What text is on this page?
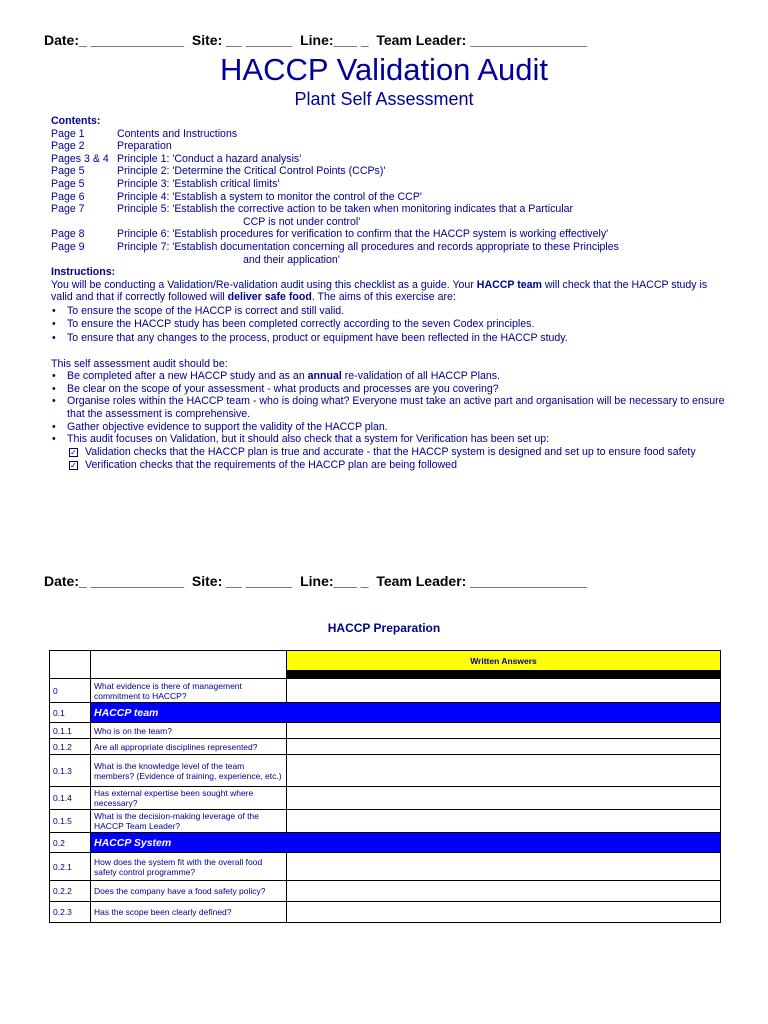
Date:_ ____________  Site: __ ______  Line:___ _  Team Leader: _______________
HACCP Validation Audit
Plant Self Assessment
Contents:
Page 1	Contents and Instructions
Page 2	Preparation
Pages 3 & 4 Principle 1: 'Conduct a hazard analysis'
Page 5	Principle 2: 'Determine the Critical Control Points (CCPs)'
Page 5	Principle 3: 'Establish critical limits'
Page 6	Principle 4: 'Establish a system to monitor the control of the CCP'
Page 7	Principle 5: 'Establish the corrective action to be taken when monitoring indicates that a Particular
CCP is not under control'
Page 8	Principle 6: 'Establish procedures for verification to confirm that the HACCP system is working effectively'
Page 9	Principle 7: 'Establish documentation concerning all procedures and records appropriate to these Principles
and their application'
Instructions:
You will be conducting a Validation/Re-validation audit using this checklist as a guide. Your HACCP team will check that the HACCP study is valid and that if correctly followed will deliver safe food. The aims of this exercise are:
• To ensure the scope of the HACCP is correct and still valid.
• To ensure the HACCP study has been completed correctly according to the seven Codex principles.
• To ensure that any changes to the process, product or equipment have been reflected in the HACCP study.
This self assessment audit should be:
• Be completed after a new HACCP study and as an annual re-validation of all HACCP Plans.
• Be clear on the scope of your assessment - what products and processes are you covering?
• Organise roles within the HACCP team - who is doing what? Everyone must take an active part and organisation will be necessary to ensure that the assessment is comprehensive.
• Gather objective evidence to support the validity of the HACCP plan.
• This audit focuses on Validation, but it should also check that a system for Verification has been set up:
✓ Validation checks that the HACCP plan is true and accurate - that the HACCP system is designed and set up to ensure food safety
✓ Verification checks that the requirements of the HACCP plan are being followed
Date:_ ____________  Site: __ ______  Line:___ _  Team Leader: _______________
HACCP Preparation
		Written Answers

0	What evidence is there of management commitment to HACCP?	
0.1	HACCP team	
0.1.1	Who is on the team?	
0.1.2	Are all appropriate disciplines represented?	
0.1.3	What is the knowledge level of the team members? (Evidence of training, experience, etc.)	
0.1.4	Has external expertise been sought where necessary?	
0.1.5	What is the decision-making leverage of the HACCP Team Leader?	
0.2	HACCP System	
0.2.1	How does the system fit with the overall food safety control programme?	
0.2.2	Does the company have a food safety policy?	
0.2.3	Has the scope been clearly defined?	
